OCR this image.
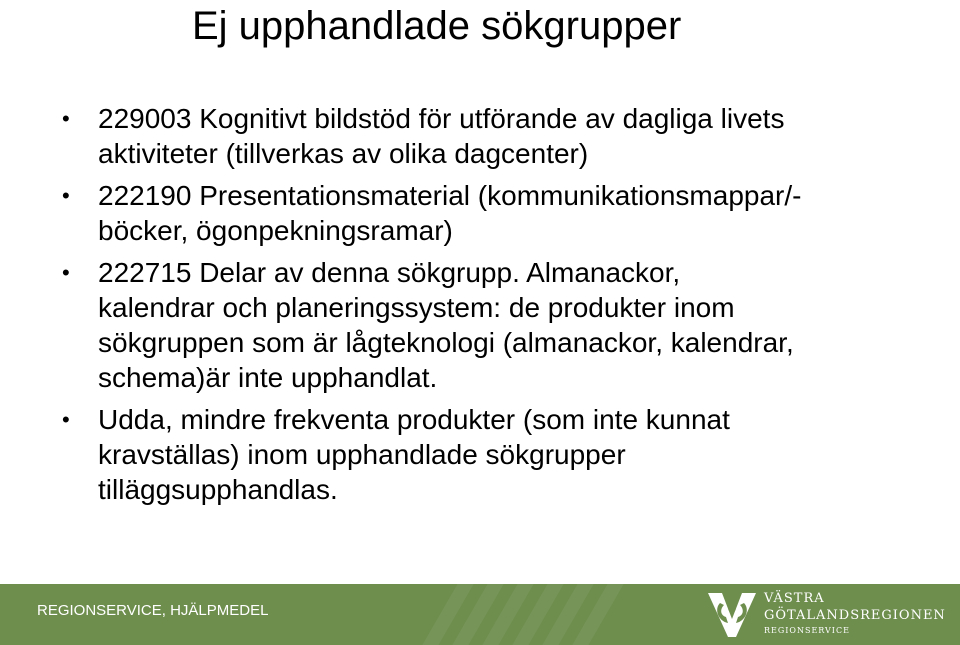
Ej upphandlade sökgrupper
•	229003 Kognitivt bildstöd för utförande av dagliga livets
aktiviteter (tillverkas av olika dagcenter)
•	222190 Presentationsmaterial (kommunikationsmappar/-
böcker, ögonpekningsramar)
•	222715 Delar av denna sökgrupp. Almanackor,
kalendrar och planeringssystem: de produkter inom
sökgruppen som är lågteknologi (almanackor, kalendrar,
schema)är inte upphandlat.
•	Udda, mindre frekventa produkter (som inte kunnat
kravställas) inom upphandlade sökgrupper
tilläggsupphandlas.
REGIONSERVICE, HJÄLPMEDEL
VÄSTRA
GÖTALANDSREGIONEN
REGIONSERVICE
